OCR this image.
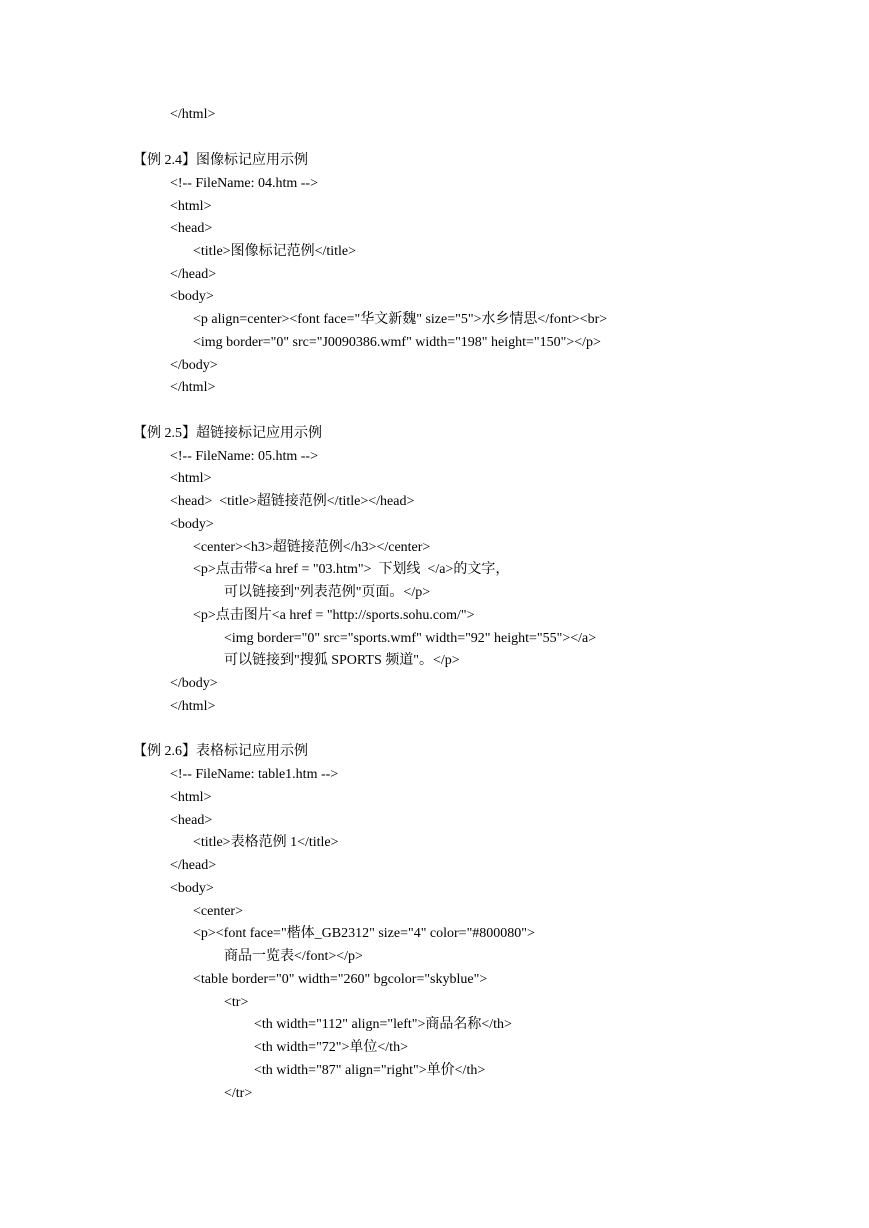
</html>

【例 2.4】图像标记应用示例

<!-- FileName: 04.htm -->

<html>

<head>

<title>图像标记范例</title>

</head>

<body>

<p align=center><font face="华文新魏" size="5">水乡情思</font><br>

<img border="0" src="J0090386.wmf" width="198" height="150"></p>

</body>

</html>

【例 2.5】超链接标记应用示例

<!-- FileName: 05.htm -->

<html>

<head>  <title>超链接范例</title></head>

<body>

<center><h3>超链接范例</h3></center>

<p>点击带<a href = "03.htm">  下划线  </a>的文字，

可以链接到"列表范例"页面。</p>

<p>点击图片<a href = "http://sports.sohu.com/">

<img border="0" src="sports.wmf" width="92" height="55"></a>

可以链接到"搜狐 SPORTS 频道"。</p>

</body>

</html>

【例 2.6】表格标记应用示例

<!-- FileName: table1.htm -->

<html>

<head>

<title>表格范例 1</title>

</head>

<body>

<center>

<p><font face="楷体_GB2312" size="4" color="#800080">

商品一览表</font></p>

<table border="0" width="260" bgcolor="skyblue">

<tr>

<th width="112" align="left">商品名称</th>

<th width="72">单位</th>

<th width="87" align="right">单价</th>

</tr>
